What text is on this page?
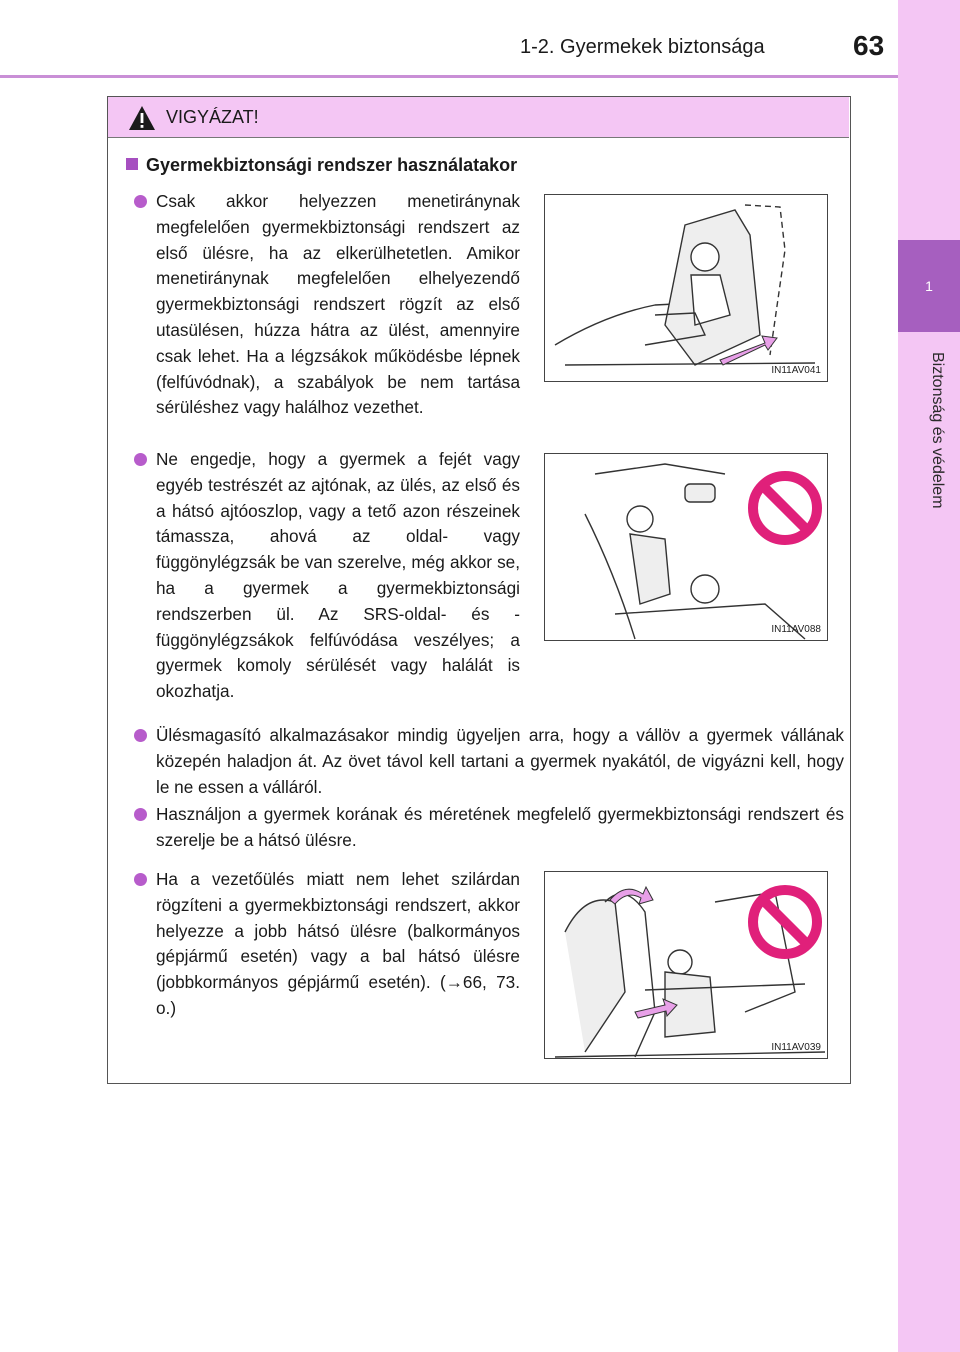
1-2. Gyermekek biztonsága	63
1
Biztonság és védelem
VIGYÁZAT!
Gyermekbiztonsági rendszer használatakor
Csak akkor helyezzen menetiránynak megfelelően gyermekbiztonsági rendszert az első ülésre, ha az elkerülhetetlen. Amikor menetiránynak megfelelően elhelyezendő gyermekbiztonsági rendszert rögzít az első utasülésen, húzza hátra az ülést, amennyire csak lehet. Ha a légzsákok működésbe lépnek (felfúvódnak), a szabályok be nem tartása sérüléshez vagy halálhoz vezethet.
Ne engedje, hogy a gyermek a fejét vagy egyéb testrészét az ajtónak, az ülés, az első és a hátsó ajtóoszlop, vagy a tető azon részeinek támassza, ahová az oldal- vagy függönylégzsák be van szerelve, még akkor se, ha a gyermek a gyermekbiztonsági rendszerben ül. Az SRS-oldal- és -függönylégzsákok felfúvódása veszélyes; a gyermek komoly sérülését vagy halálát is okozhatja.
Ülésmagasító alkalmazásakor mindig ügyeljen arra, hogy a vállöv a gyermek vállának közepén haladjon át. Az övet távol kell tartani a gyermek nyakától, de vigyázni kell, hogy le ne essen a válláról.
Használjon a gyermek korának és méretének megfelelő gyermekbiztonsági rendszert és szerelje be a hátsó ülésre.
Ha a vezetőülés miatt nem lehet szilárdan rögzíteni a gyermekbiztonsági rendszert, akkor helyezze a jobb hátsó ülésre (balkormányos gépjármű esetén) vagy a bal hátsó ülésre (jobbkormányos gépjármű esetén). (→66, 73. o.)
IN11AV041
IN11AV088
IN11AV039
